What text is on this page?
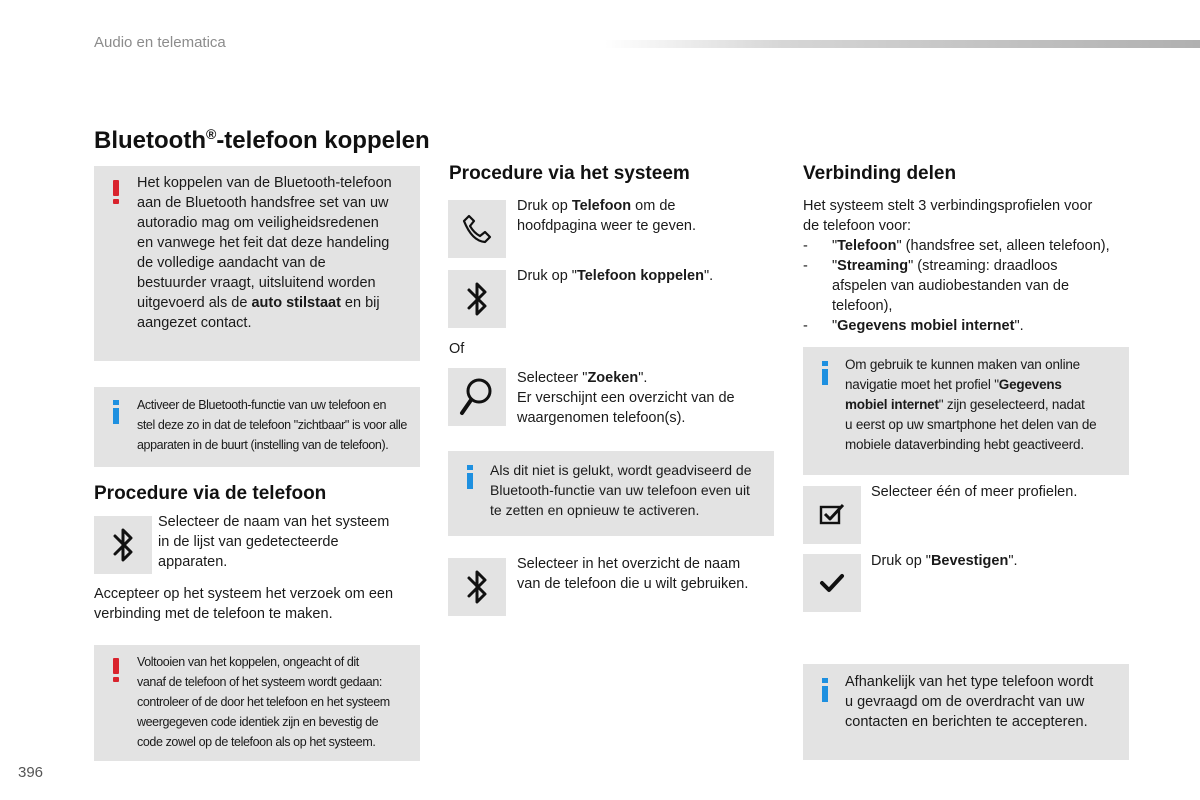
Audio en telematica
396
Bluetooth®-telefoon koppelen
Het koppelen van de Bluetooth-telefoon
aan de Bluetooth handsfree set van uw
autoradio mag om veiligheidsredenen
en vanwege het feit dat deze handeling
de volledige aandacht van de
bestuurder vraagt, uitsluitend worden
uitgevoerd als de auto stilstaat en bij
aangezet contact.
Activeer de Bluetooth-functie van uw telefoon en
stel deze zo in dat de telefoon "zichtbaar" is voor alle
apparaten in de buurt (instelling van de telefoon).
Procedure via de telefoon
Selecteer de naam van het systeem
in de lijst van gedetecteerde
apparaten.
Accepteer op het systeem het verzoek om een
verbinding met de telefoon te maken.
Voltooien van het koppelen, ongeacht of dit
vanaf de telefoon of het systeem wordt gedaan:
controleer of de door het telefoon en het systeem
weergegeven code identiek zijn en bevestig de
code zowel op de telefoon als op het systeem.
Procedure via het systeem
Druk op Telefoon om de
hoofdpagina weer te geven.
Druk op "Telefoon koppelen".
Of
Selecteer "Zoeken".
Er verschijnt een overzicht van de
waargenomen telefoon(s).
Als dit niet is gelukt, wordt geadviseerd de
Bluetooth-functie van uw telefoon even uit
te zetten en opnieuw te activeren.
Selecteer in het overzicht de naam
van de telefoon die u wilt gebruiken.
Verbinding delen
Het systeem stelt 3 verbindingsprofielen voor
de telefoon voor:
- "Telefoon" (handsfree set, alleen telefoon),
- "Streaming" (streaming: draadloos
afspelen van audiobestanden van de
telefoon),
- "Gegevens mobiel internet".
Om gebruik te kunnen maken van online
navigatie moet het profiel "Gegevens
mobiel internet" zijn geselecteerd, nadat
u eerst op uw smartphone het delen van de
mobiele dataverbinding hebt geactiveerd.
Selecteer één of meer profielen.
Druk op "Bevestigen".
Afhankelijk van het type telefoon wordt
u gevraagd om de overdracht van uw
contacten en berichten te accepteren.
